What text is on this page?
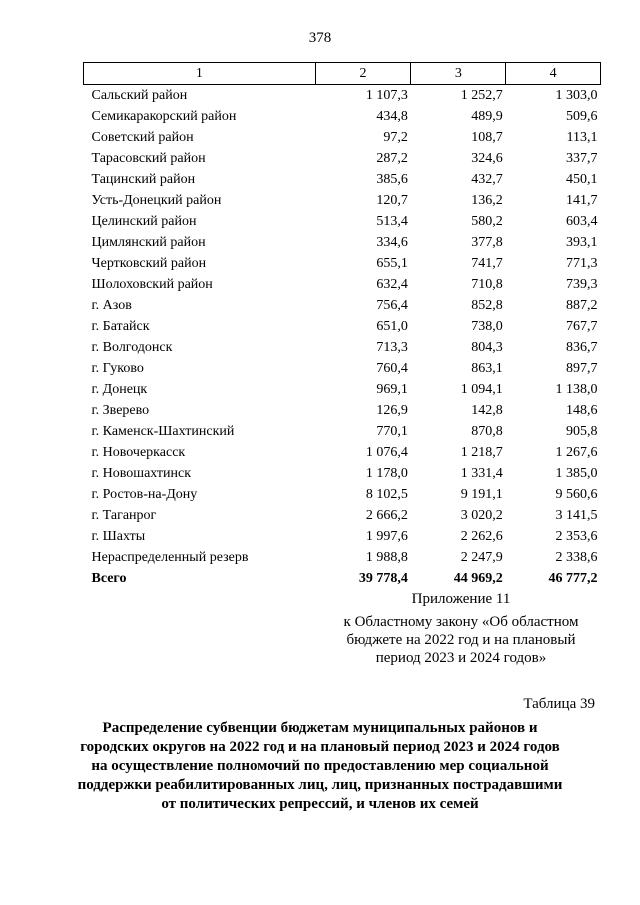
378
1	2	3	4
Сальский район	1 107,3	1 252,7	1 303,0
Семикаракорский район	434,8	489,9	509,6
Советский район	97,2	108,7	113,1
Тарасовский район	287,2	324,6	337,7
Тацинский район	385,6	432,7	450,1
Усть-Донецкий район	120,7	136,2	141,7
Целинский район	513,4	580,2	603,4
Цимлянский район	334,6	377,8	393,1
Чертковский район	655,1	741,7	771,3
Шолоховский район	632,4	710,8	739,3
г. Азов	756,4	852,8	887,2
г. Батайск	651,0	738,0	767,7
г. Волгодонск	713,3	804,3	836,7
г. Гуково	760,4	863,1	897,7
г. Донецк	969,1	1 094,1	1 138,0
г. Зверево	126,9	142,8	148,6
г. Каменск-Шахтинский	770,1	870,8	905,8
г. Новочеркасск	1 076,4	1 218,7	1 267,6
г. Новошахтинск	1 178,0	1 331,4	1 385,0
г. Ростов-на-Дону	8 102,5	9 191,1	9 560,6
г. Таганрог	2 666,2	3 020,2	3 141,5
г. Шахты	1 997,6	2 262,6	2 353,6
Нераспределенный резерв	1 988,8	2 247,9	2 338,6
Всего	39 778,4	44 969,2	46 777,2
Приложение 11
к Областному закону «Об областном
бюджете на 2022 год и на плановый
период 2023 и 2024 годов»
Таблица 39
Распределение субвенции бюджетам муниципальных районов и
городских округов на 2022 год и на плановый период 2023 и 2024 годов
на осуществление полномочий по предоставлению мер социальной
поддержки реабилитированных лиц, лиц, признанных пострадавшими
от политических репрессий, и членов их семей
